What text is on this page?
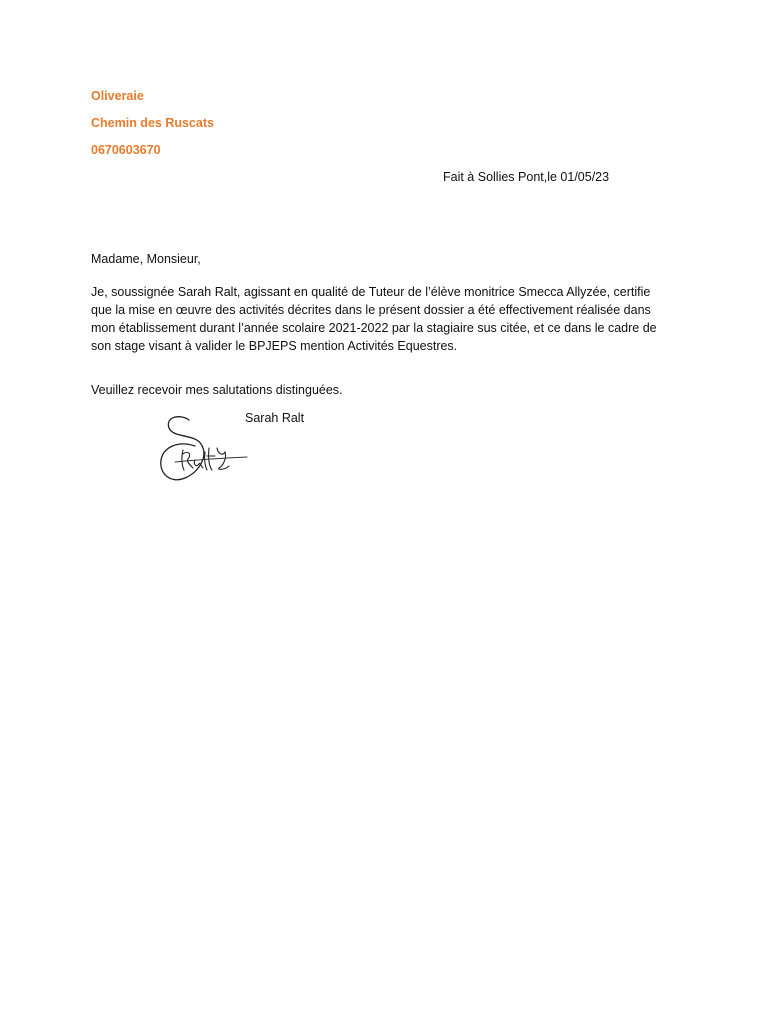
Oliveraie
Chemin des Ruscats
0670603670
Fait à Sollies Pont,le 01/05/23
Madame, Monsieur,
Je, soussignée Sarah Ralt, agissant en qualité de Tuteur de l’élève monitrice Smecca Allyzée, certifie
que la mise en œuvre des activités décrites dans le présent dossier a été effectivement réalisée dans
mon établissement durant l’année scolaire 2021-2022 par la stagiaire sus citée, et ce dans le cadre de
son stage visant à valider le BPJEPS mention Activités Equestres.
Veuillez recevoir mes salutations distinguées.
Sarah Ralt
